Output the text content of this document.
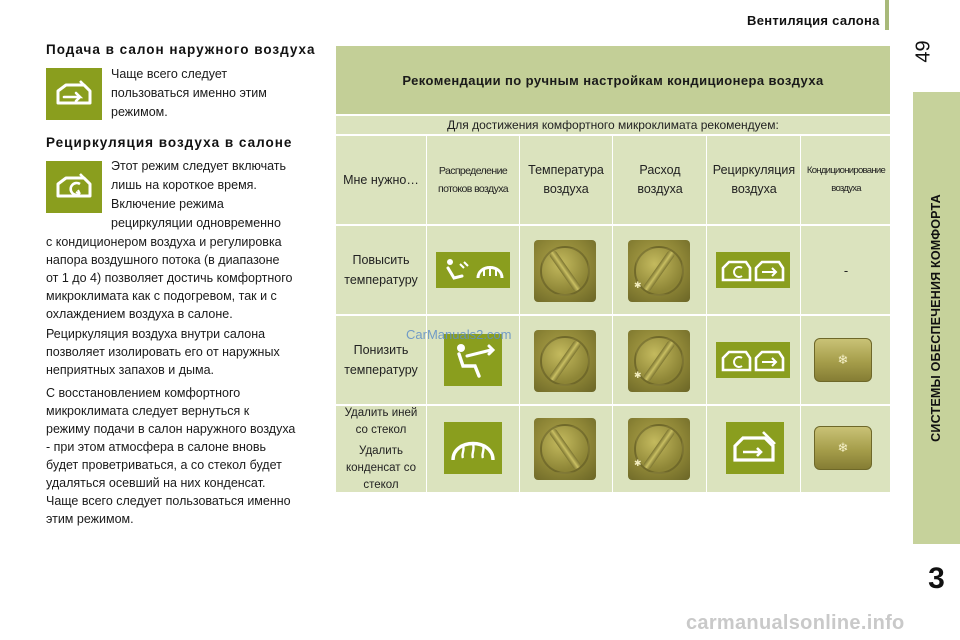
Вентиляция салона
49
СИСТЕМЫ ОБЕСПЕЧЕНИЯ КОМФОРТА
3
Подача в салон наружного воздуха
Чаще всего следует
пользоваться именно этим
режимом.
Рециркуляция воздуха в салоне
Этот режим следует включать
лишь на короткое время.
Включение режима
рециркуляции одновременно
с кондиционером воздуха и регулировка
напора воздушного потока (в диапазоне
от 1 до 4) позволяет достичь комфортного
микроклимата как с подогревом, так и с
охлаждением воздуха в салоне.
Рециркуляция воздуха внутри салона
позволяет изолировать его от наружных
неприятных запахов и дыма.
С восстановлением комфортного
микроклимата следует вернуться к
режиму подачи в салон наружного воздуха
- при этом атмосфера в салоне вновь
будет проветриваться, а со стекол будет
удаляться осевший на них конденсат.
Чаще всего следует пользоваться именно
этим режимом.
Рекомендации по ручным настройкам кондиционера воздуха
Для достижения комфортного микроклимата рекомендуем:
Мне нужно…
Распределение
потоков воздуха
Температура
воздуха
Расход
воздуха
Рециркуляция
воздуха
Кондиционирование
воздуха
Повысить
температуру	✱
-
Понизить
температуру	✱
❄
Удалить иней
со стекол
Удалить
конденсат со
стекол
✱
❄
CarManuals2.com
carmanualsonline.info
